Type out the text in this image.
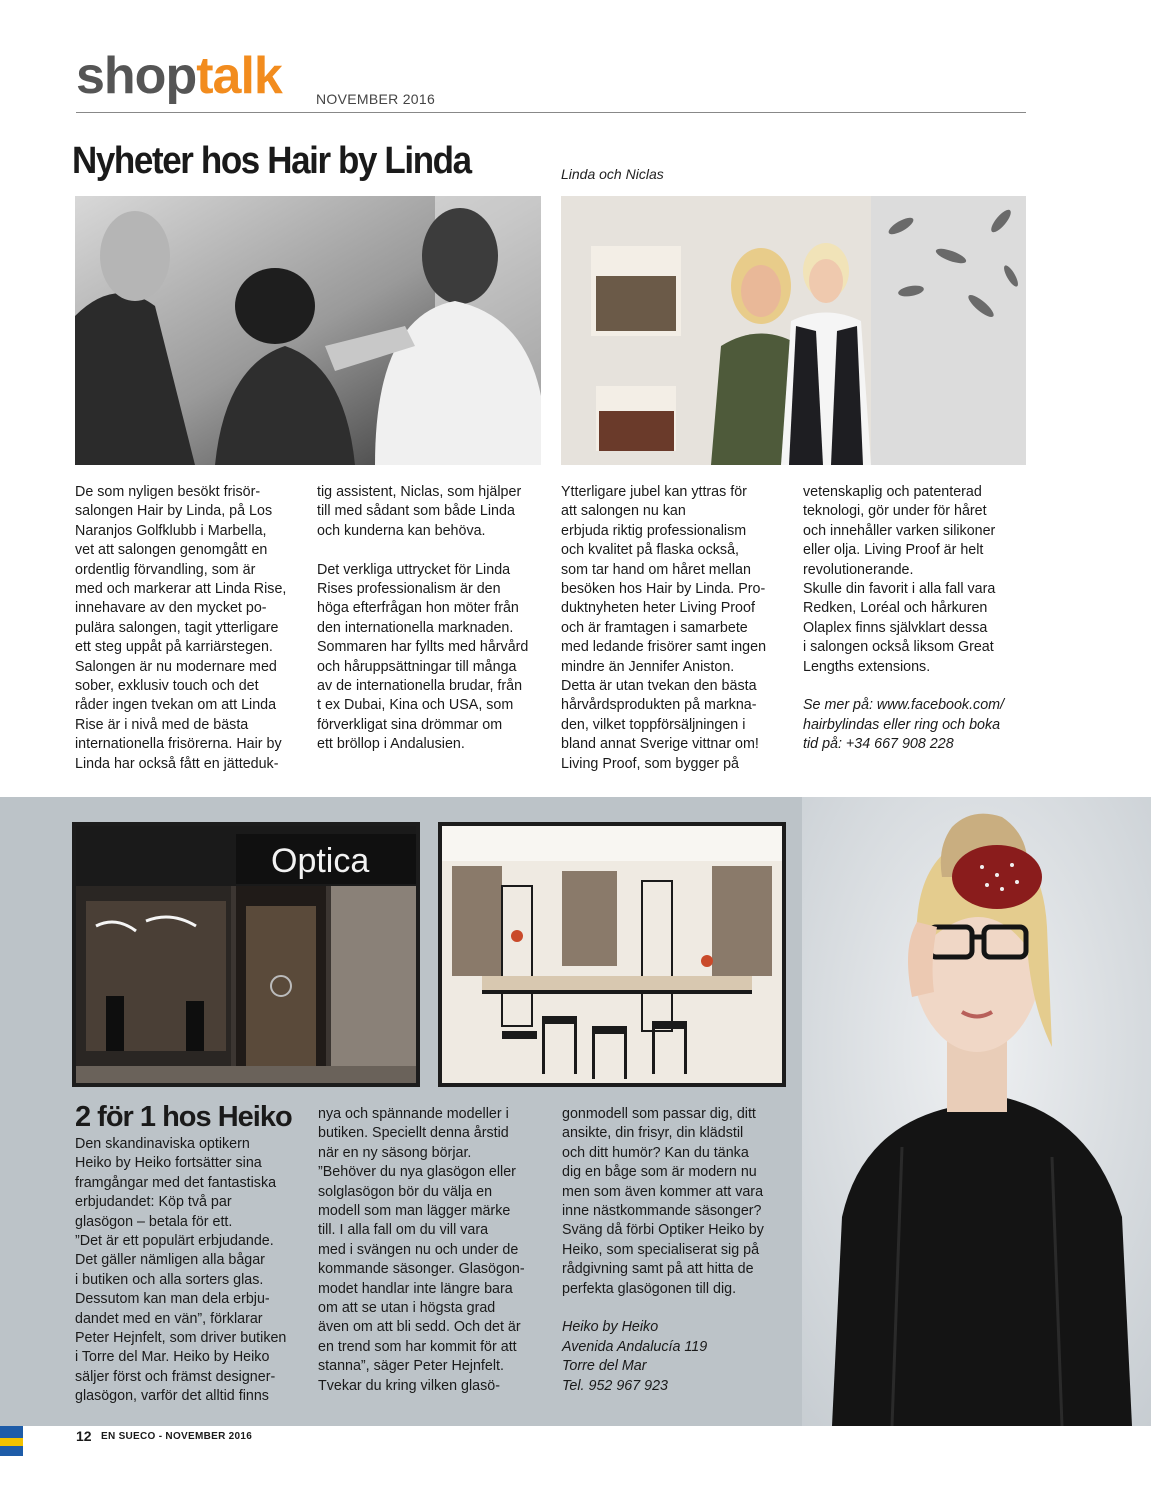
shoptalk NOVEMBER 2016
Nyheter hos Hair by Linda	Linda och Niclas

De som nyligen besökt frisör-

salongen Hair by Linda, på Los

Naranjos Golfklubb i Marbella,

vet att salongen genomgått en

ordentlig förvandling, som är

med och markerar att Linda Rise,

innehavare av den mycket po-

pulära salongen, tagit ytterligare

ett steg uppåt på karriärstegen.

Salongen är nu modernare med

sober, exklusiv touch och det

råder ingen tvekan om att Linda

Rise är i nivå med de bästa

internationella frisörerna. Hair by

Linda har också fått en jätteduk-

tig assistent, Niclas, som hjälper

till med sådant som både Linda

och kunderna kan behöva.

Det verkliga uttrycket för Linda

Rises professionalism är den

höga efterfrågan hon möter från

den internationella marknaden.

Sommaren har fyllts med hårvård

och håruppsättningar till många

av de internationella brudar, från

t ex Dubai, Kina och USA, som

förverkligat sina drömmar om

ett bröllop i Andalusien.

Ytterligare jubel kan yttras för

att salongen nu kan

erbjuda riktig professionalism

och kvalitet på flaska också,

som tar hand om håret mellan

besöken hos Hair by Linda. Pro-

duktnyheten heter Living Proof

och är framtagen i samarbete

med ledande frisörer samt ingen

mindre än Jennifer Aniston.

Detta är utan tvekan den bästa

hårvårdsprodukten på markna-

den, vilket toppförsäljningen i

bland annat Sverige vittnar om!

Living Proof, som bygger på

vetenskaplig och patenterad

teknologi, gör under för håret

och innehåller varken silikoner

eller olja. Living Proof är helt

revolutionerande.

Skulle din favorit i alla fall vara

Redken, Loréal och hårkuren

Olaplex finns självklart dessa

i salongen också liksom Great

Lengths extensions.

Se mer på: www.facebook.com/

hairbylindas eller ring och boka

tid på: +34 667 908 228

Optica
2 för 1 hos Heiko

Den skandinaviska optikern

Heiko by Heiko fortsätter sina

framgångar med det fantastiska

erbjudandet: Köp två par

glasögon – betala för ett.

”Det är ett populärt erbjudande.

Det gäller nämligen alla bågar

i butiken och alla sorters glas.

Dessutom kan man dela erbju-

dandet med en vän”, förklarar

Peter Hejnfelt, som driver butiken

i Torre del Mar. Heiko by Heiko

säljer först och främst designer-

glasögon, varför det alltid finns

nya och spännande modeller i

butiken. Speciellt denna årstid

när en ny säsong börjar.

”Behöver du nya glasögon eller

solglasögon bör du välja en

modell som man lägger märke

till. I alla fall om du vill vara

med i svängen nu och under de

kommande säsonger. Glasögon-

modet handlar inte längre bara

om att se utan i högsta grad

även om att bli sedd. Och det är

en trend som har kommit för att

stanna”, säger Peter Hejnfelt.

Tvekar du kring vilken glasö-

gonmodell som passar dig, ditt

ansikte, din frisyr, din klädstil

och ditt humör? Kan du tänka

dig en båge som är modern nu

men som även kommer att vara

inne nästkommande säsonger?

Sväng då förbi Optiker Heiko by

Heiko, som specialiserat sig på

rådgivning samt på att hitta de

perfekta glasögonen till dig.

Heiko by Heiko

Avenida Andalucía 119

Torre del Mar

Tel. 952 967 923

12 EN SUECO - NOVEMBER 2016
